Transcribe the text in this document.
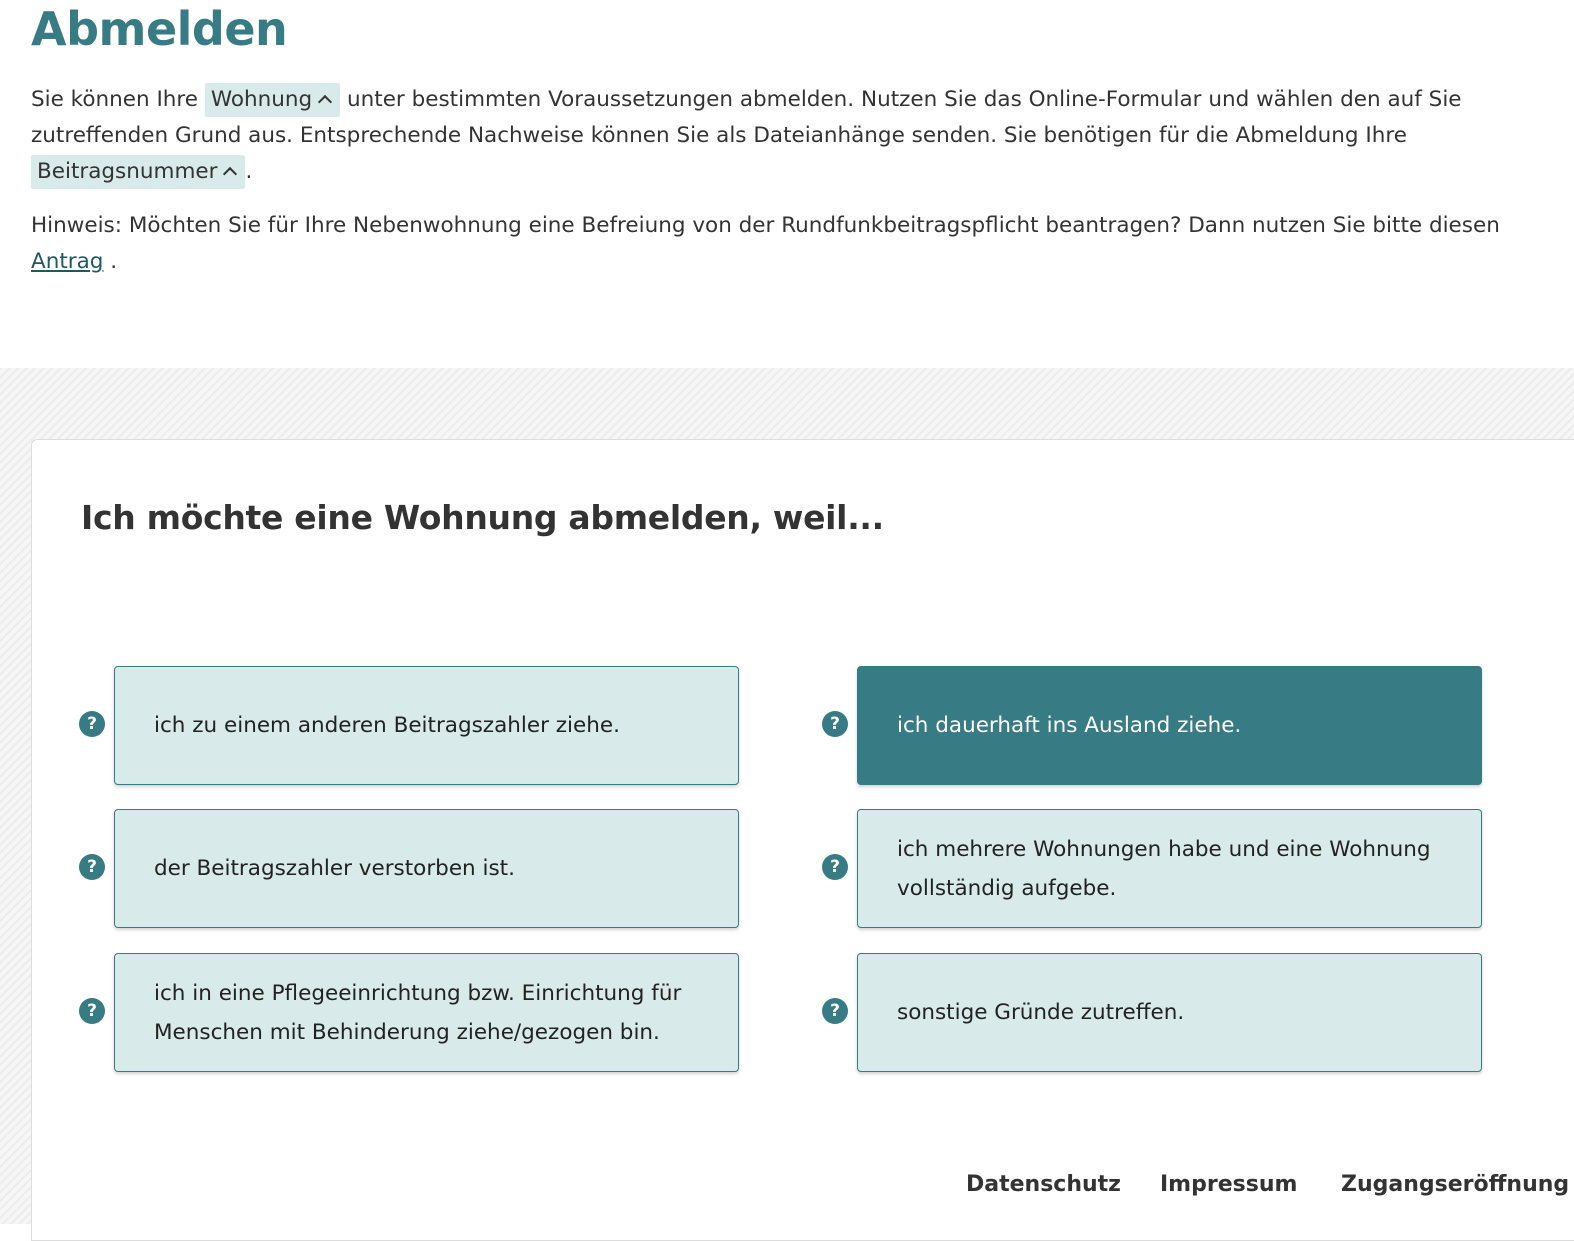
Abmelden

Sie können Ihre Wohnung unter bestimmten Voraussetzungen abmelden. Nutzen Sie das Online-Formular und wählen den auf Sie zutreffenden Grund aus. Entsprechende Nachweise können Sie als Dateianhänge senden. Sie benötigen für die Abmeldung Ihre Beitragsnummer .

Hinweis: Möchten Sie für Ihre Nebenwohnung eine Befreiung von der Rundfunkbeitragspflicht beantragen? Dann nutzen Sie bitte diesen Antrag .

Ich möchte eine Wohnung abmelden, weil...
?
?
?
?
?
?
ich zu einem anderen Beitragszahler ziehe.	ich dauerhaft ins Ausland ziehe.
der Beitragszahler verstorben ist.
ich mehrere Wohnungen habe und eine Wohnung vollständig aufgebe.
ich in eine Pflegeeinrichtung bzw. Einrichtung für Menschen mit Behinderung ziehe/gezogen bin.
sonstige Gründe zutreffen.
Datenschutz Impressum Zugangseröffnung
